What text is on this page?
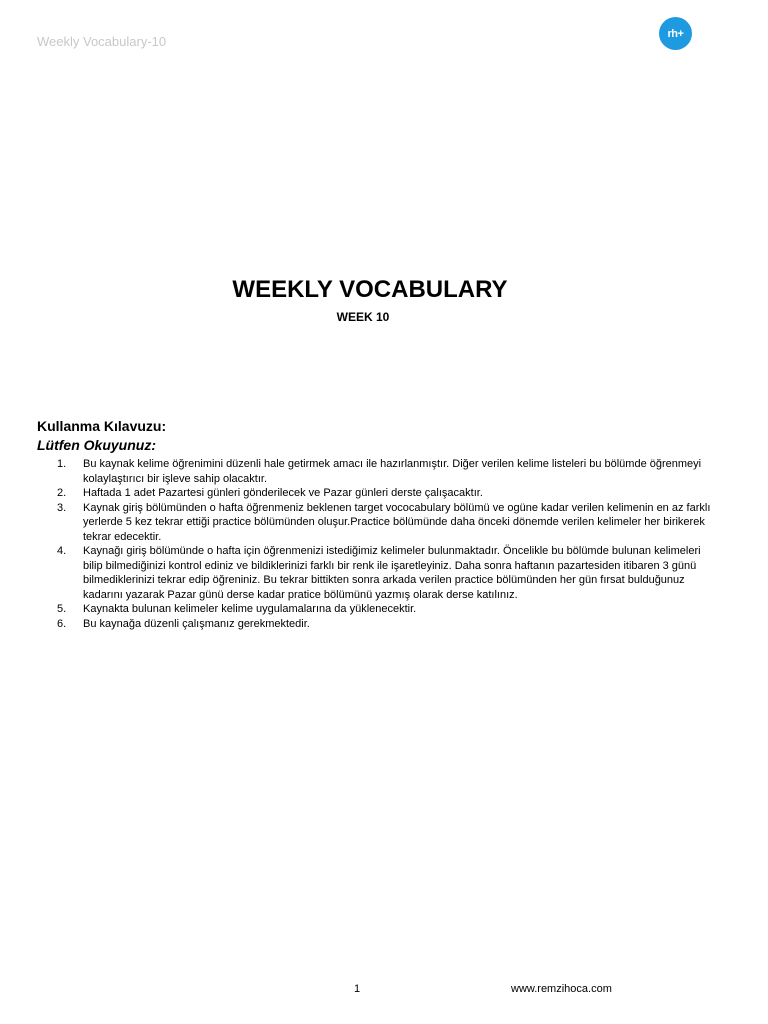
Weekly Vocabulary-10
rh+
WEEKLY VOCABULARY
WEEK 10
Kullanma Kılavuzu:
Lütfen Okuyunuz:
1.	Bu kaynak kelime öğrenimini düzenli hale getirmek amacı ile hazırlanmıştır. Diğer verilen kelime listeleri bu bölümde öğrenmeyi kolaylaştırıcı bir işleve sahip olacaktır.
2.	Haftada 1 adet Pazartesi günleri gönderilecek ve Pazar günleri derste çalışacaktır.
3.	Kaynak giriş bölümünden o hafta öğrenmeniz beklenen target vococabulary bölümü ve ogüne kadar verilen kelimenin en az farklı yerlerde 5 kez tekrar ettiği practice bölümünden oluşur.Practice bölümünde daha önceki dönemde verilen kelimeler her birikerek tekrar edecektir.
4.	Kaynağı giriş bölümünde o hafta için öğrenmenizi istediğimiz kelimeler bulunmaktadır. Öncelikle bu bölümde bulunan kelimeleri bilip bilmediğinizi kontrol ediniz ve bildiklerinizi farklı bir renk ile işaretleyiniz. Daha sonra haftanın pazartesiden itibaren 3 günü bilmediklerinizi tekrar edip öğreniniz. Bu tekrar bittikten sonra arkada verilen practice bölümünden her gün fırsat bulduğunuz kadarını yazarak Pazar günü derse kadar pratice bölümünü yazmış olarak derse katılınız.
5.	Kaynakta bulunan kelimeler kelime uygulamalarına da yüklenecektir.
6.	Bu kaynağa düzenli çalışmanız gerekmektedir.
1	www.remzihoca.com
